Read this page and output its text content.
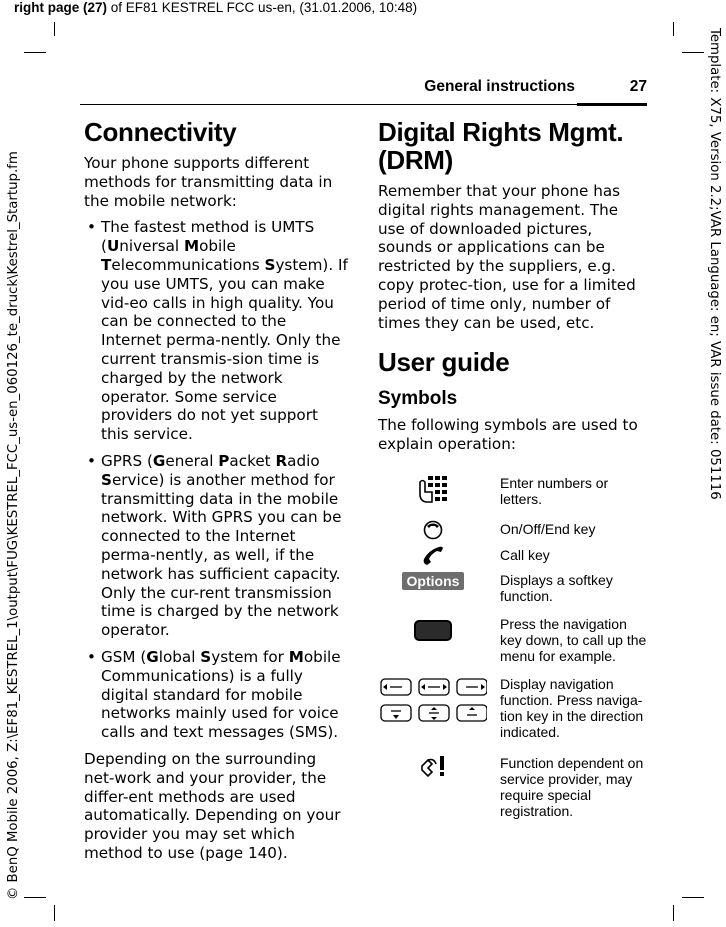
right page (27) of EF81 KESTREL FCC us-en, (31.01.2006, 10:48)
Template: X75, Version 2.2;VAR Language: en; VAR issue date: 051116
© BenQ Mobile 2006, Z:\EF81_KESTREL_1\output\FUG\KESTREL_FCC_us-en_060126_te_druck\Kestrel_Startup.fm
General instructions	27
Connectivity

Your phone supports different methods for transmitting data in the mobile network:

• The fastest method is UMTS (Universal Mobile Telecommunications System). If you use UMTS, you can make vid-eo calls in high quality. You can be connected to the Internet perma-nently. Only the current transmis-sion time is charged by the network operator. Some service providers do not yet support this service.
• GPRS (General Packet Radio Service) is another method for transmitting data in the mobile network. With GPRS you can be connected to the Internet perma-nently, as well, if the network has sufficient capacity. Only the cur-rent transmission time is charged by the network operator.
• GSM (Global System for Mobile Communications) is a fully digital standard for mobile networks mainly used for voice calls and text messages (SMS).

Depending on the surrounding net-work and your provider, the differ-ent methods are used automatically. Depending on your provider you may set which method to use (page 140).

Digital Rights Mgmt. (DRM)

Remember that your phone has digital rights management. The use of downloaded pictures, sounds or applications can be restricted by the suppliers, e.g. copy protec-tion, use for a limited period of time only, number of times they can be used, etc.

User guide
Symbols

The following symbols are used to explain operation:

Enter numbers or letters.
On/Off/End key
Call key
Options	Displays a softkey function.
Press the navigation key down, to call up the menu for example.
Display navigation function. Press naviga-tion key in the direction indicated.
Function dependent on service provider, may require special registration.
